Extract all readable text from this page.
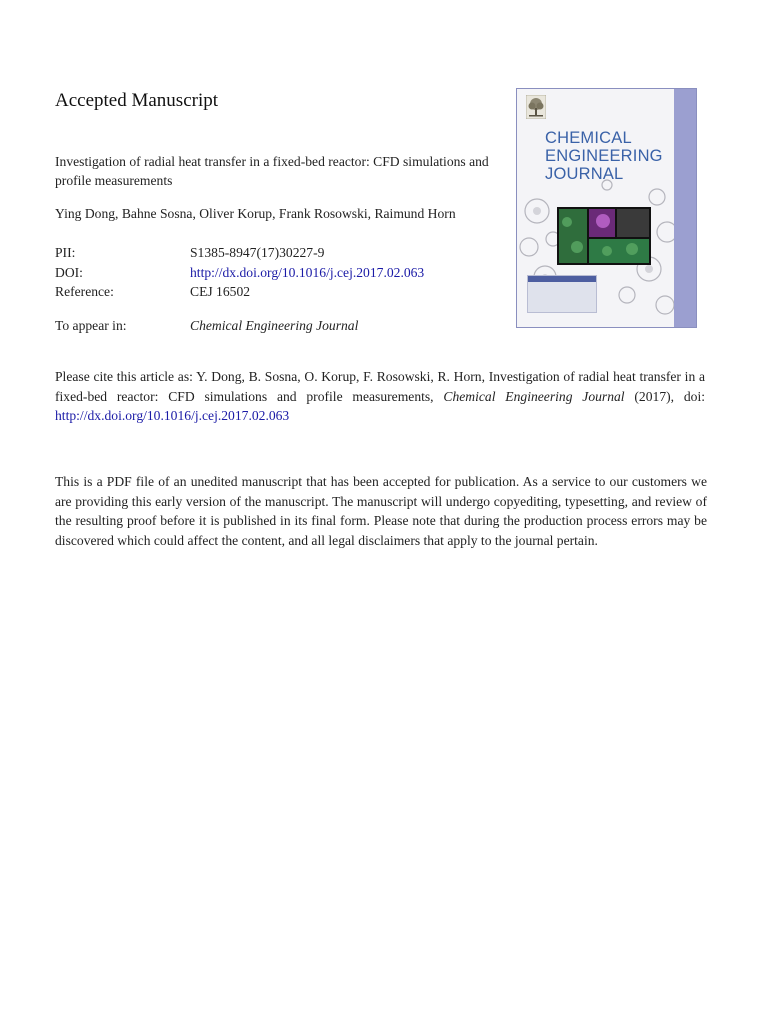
Accepted Manuscript
Investigation of radial heat transfer in a fixed-bed reactor: CFD simulations and profile measurements
Ying Dong, Bahne Sosna, Oliver Korup, Frank Rosowski, Raimund Horn
PII:	S1385-8947(17)30227-9
DOI:	http://dx.doi.org/10.1016/j.cej.2017.02.063
Reference:	CEJ 16502
To appear in:	Chemical Engineering Journal
Please cite this article as: Y. Dong, B. Sosna, O. Korup, F. Rosowski, R. Horn, Investigation of radial heat transfer in a fixed-bed reactor: CFD simulations and profile measurements, Chemical Engineering Journal (2017), doi: http://dx.doi.org/10.1016/j.cej.2017.02.063
This is a PDF file of an unedited manuscript that has been accepted for publication. As a service to our customers we are providing this early version of the manuscript. The manuscript will undergo copyediting, typesetting, and review of the resulting proof before it is published in its final form. Please note that during the production process errors may be discovered which could affect the content, and all legal disclaimers that apply to the journal pertain.
CHEMICAL
ENGINEERING
JOURNAL
